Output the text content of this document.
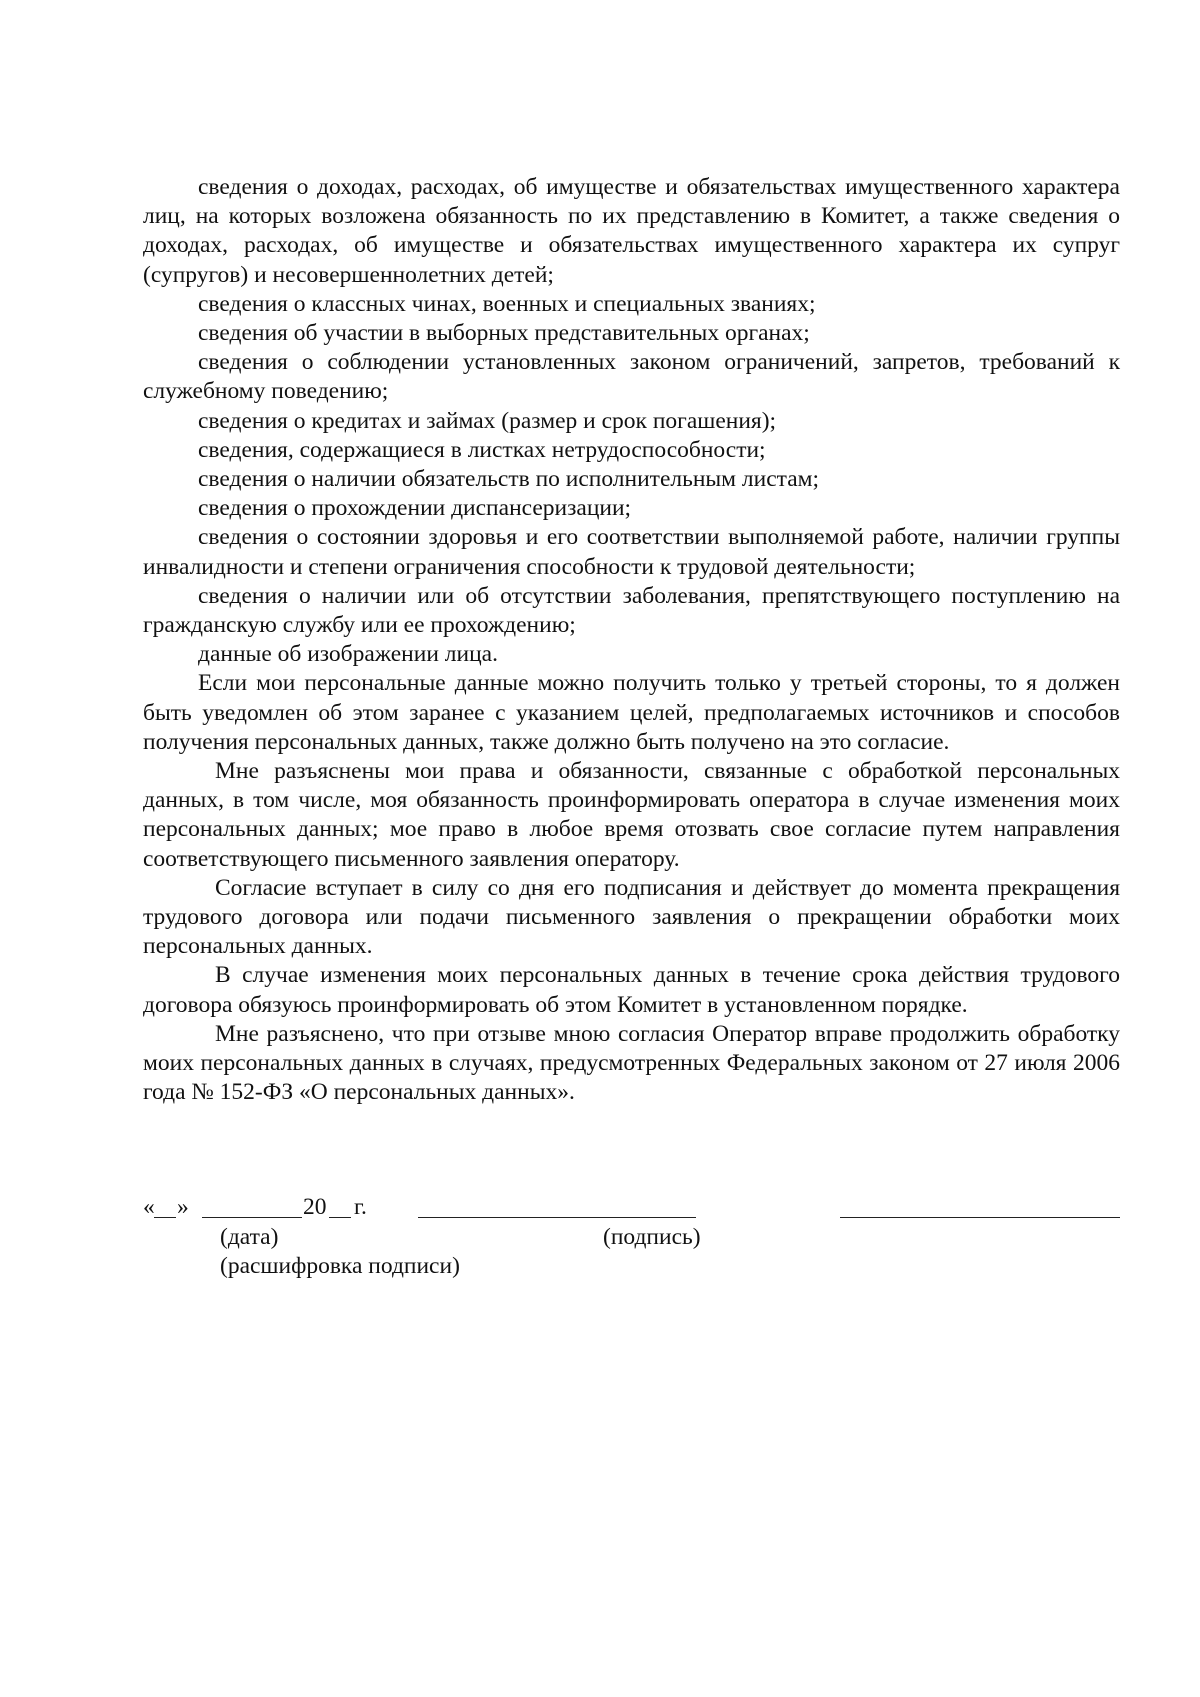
сведения о доходах, расходах, об имуществе и обязательствах имущественного характера лиц, на которых возложена обязанность по их представлению в Комитет, а также сведения о доходах, расходах, об имуществе и обязательствах имущественного характера их супруг (супругов) и несовершеннолетних детей;

сведения о классных чинах, военных и специальных званиях;

сведения об участии в выборных представительных органах;

сведения о соблюдении установленных законом ограничений, запретов, требований к служебному поведению;

сведения о кредитах и займах (размер и срок погашения);

сведения, содержащиеся в листках нетрудоспособности;

сведения о наличии обязательств по исполнительным листам;

сведения о прохождении диспансеризации;

сведения о состоянии здоровья и его соответствии выполняемой работе, наличии группы инвалидности и степени ограничения способности к трудовой деятельности;

сведения о наличии или об отсутствии заболевания, препятствующего поступлению на гражданскую службу или ее прохождению;

данные об изображении лица.

Если мои персональные данные можно получить только у третьей стороны, то я должен быть уведомлен об этом заранее с указанием целей, предполагаемых источников и способов получения персональных данных, также должно быть получено на это согласие.

Мне разъяснены мои права и обязанности, связанные с обработкой персональных данных, в том числе, моя обязанность проинформировать оператора в случае изменения моих персональных данных; мое право в любое время отозвать свое согласие путем направления соответствующего письменного заявления оператору.

Согласие вступает в силу со дня его подписания и действует до момента прекращения трудового договора или подачи письменного заявления о прекращении обработки моих персональных данных.

В случае изменения моих персональных данных в течение срока действия трудового договора обязуюсь проинформировать об этом Комитет в установленном порядке.

Мне разъяснено, что при отзыве мною согласия Оператор вправе продолжить обработку моих персональных данных в случаях, предусмотренных Федеральных законом от 27 июля 2006 года № 152-ФЗ «О персональных данных».

« »	20 г.
(дата)	(подпись)
(расшифровка подписи)
